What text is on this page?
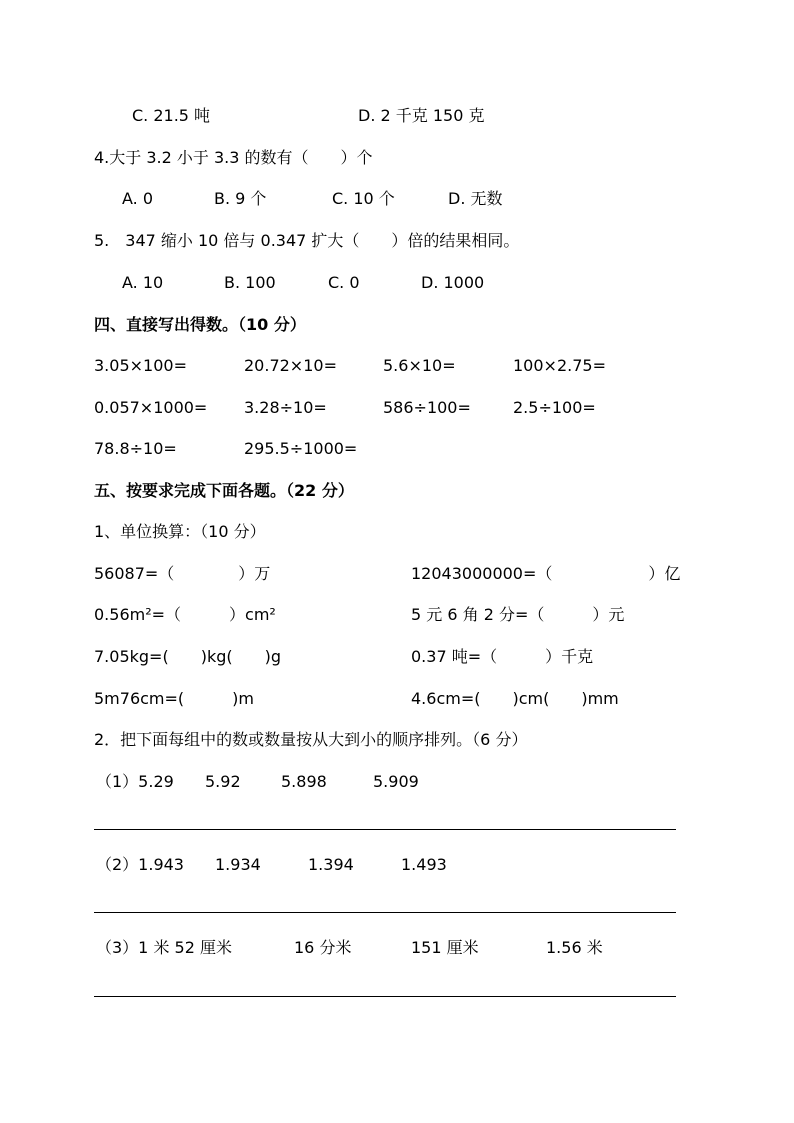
C. 21.5 吨	D. 2 千克 150 克
4.大于 3.2 小于 3.3 的数有（　　）个
A. 0	B. 9 个	C. 10 个	D. 无数
5.　347 缩小 10 倍与 0.347 扩大（　　）倍的结果相同。
A. 10	B. 100	C. 0	D. 1000
四、直接写出得数。（10 分）
3.05×100=	20.72×10=	5.6×10=	100×2.75=
0.057×1000= 3.28÷10=	586÷100=	2.5÷100=
78.8÷10=	295.5÷1000=
五、按要求完成下面各题。（22 分）
1、单位换算：（10 分）
56087=（　　　　）万	12043000000=（　　　　　　）亿
0.56m²=（　　　）cm²	5 元 6 角 2 分=（　　　）元
7.05kg=(　　)kg(　　)g	0.37 吨=（　　　）千克
5m76cm=(　　　)m	4.6cm=(　　)cm(　　)mm
2．把下面每组中的数或数量按从大到小的顺序排列。（6 分）
（1）5.29 5.92	5.898	5.909
（2）1.943 1.934	1.394	1.493
（3）1 米 52 厘米	16 分米	151 厘米	1.56 米
